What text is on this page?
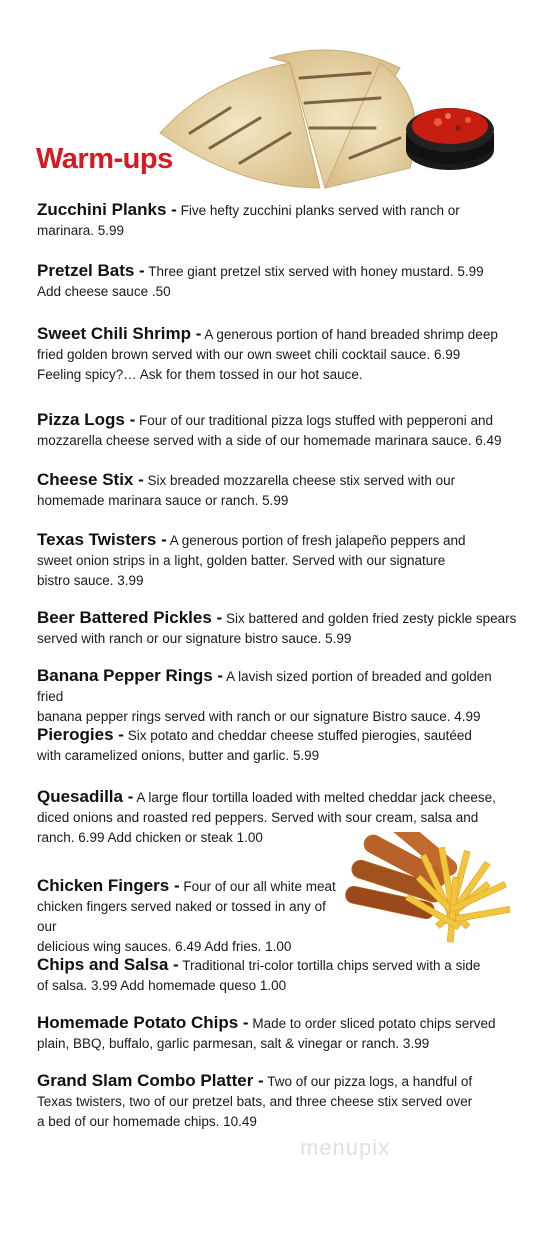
Warm-ups
Zucchini Planks - Five hefty zucchini planks served with ranch or
marinara. 5.99
Pretzel Bats - Three giant pretzel stix served with honey mustard. 5.99
Add cheese sauce .50
Sweet Chili Shrimp - A generous portion of hand breaded shrimp deep
fried golden brown served with our own sweet chili cocktail sauce. 6.99
Feeling spicy?… Ask for them tossed in our hot sauce.
Pizza Logs - Four of our traditional pizza logs stuffed with pepperoni and
mozzarella cheese served with a side of our homemade marinara sauce. 6.49
Cheese Stix - Six breaded mozzarella cheese stix served with our
homemade marinara sauce or ranch. 5.99
Texas Twisters - A generous portion of fresh jalapeño peppers and
sweet onion strips in a light, golden batter. Served with our signature
bistro sauce. 3.99
Beer Battered Pickles - Six battered and golden fried zesty pickle spears
served with ranch or our signature bistro sauce. 5.99
Banana Pepper Rings - A lavish sized portion of breaded and golden fried
banana pepper rings served with ranch or our signature Bistro sauce. 4.99
Pierogies - Six potato and cheddar cheese stuffed pierogies, sautéed
with caramelized onions, butter and garlic. 5.99
Quesadilla - A large flour tortilla loaded with melted cheddar jack cheese,
diced onions and roasted red peppers. Served with sour cream, salsa and
ranch. 6.99 Add chicken or steak 1.00
Chicken Fingers - Four of our all white meat
chicken fingers served naked or tossed in any of our
delicious wing sauces. 6.49 Add fries. 1.00
Chips and Salsa - Traditional tri-color tortilla chips served with a side
of salsa. 3.99 Add homemade queso 1.00
Homemade Potato Chips - Made to order sliced potato chips served
plain, BBQ, buffalo, garlic parmesan, salt & vinegar or ranch. 3.99
Grand Slam Combo Platter - Two of our pizza logs, a handful of
Texas twisters, two of our pretzel bats, and three cheese stix served over
a bed of our homemade chips. 10.49
menupix
